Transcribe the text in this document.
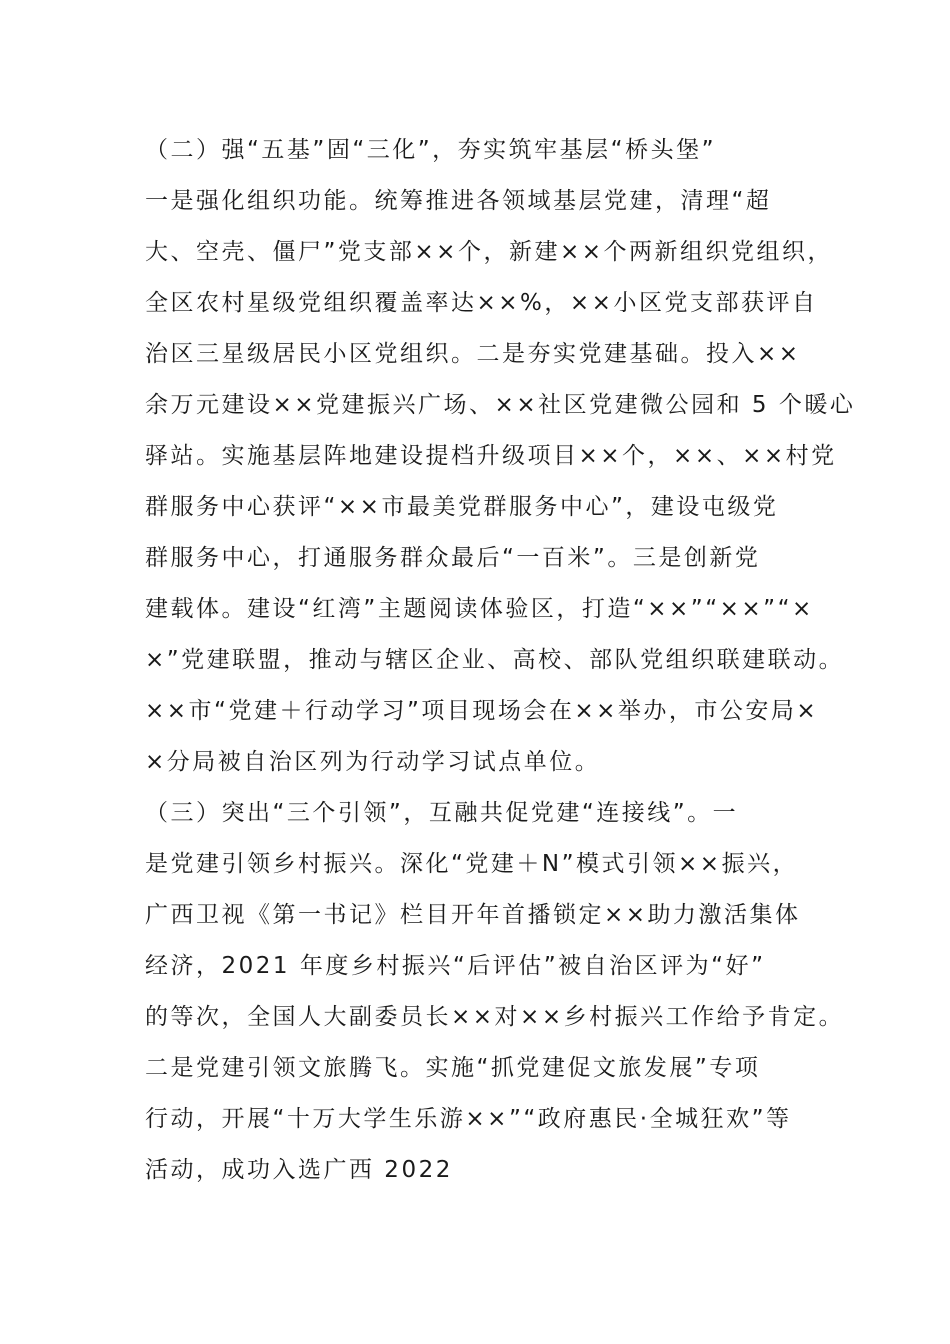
（二）强“五基”固“三化”，夯实筑牢基层“桥头堡”
一是强化组织功能。统筹推进各领域基层党建，清理“超
大、空壳、僵尸”党支部××个，新建××个两新组织党组织，
全区农村星级党组织覆盖率达××%，××小区党支部获评自
治区三星级居民小区党组织。二是夯实党建基础。投入××
余万元建设××党建振兴广场、××社区党建微公园和 5 个暖心
驿站。实施基层阵地建设提档升级项目××个，××、××村党
群服务中心获评“××市最美党群服务中心”，建设屯级党
群服务中心，打通服务群众最后“一百米”。三是创新党
建载体。建设“红湾”主题阅读体验区，打造“××”“××”“×
×”党建联盟，推动与辖区企业、高校、部队党组织联建联动。
××市“党建＋行动学习”项目现场会在××举办，市公安局×
×分局被自治区列为行动学习试点单位。
（三）突出“三个引领”，互融共促党建“连接线”。一
是党建引领乡村振兴。深化“党建＋N”模式引领××振兴，
广西卫视《第一书记》栏目开年首播锁定××助力激活集体
经济，2021 年度乡村振兴“后评估”被自治区评为“好”
的等次，全国人大副委员长××对××乡村振兴工作给予肯定。
二是党建引领文旅腾飞。实施“抓党建促文旅发展”专项
行动，开展“十万大学生乐游××”“政府惠民·全城狂欢”等
活动，成功入选广西 2022
